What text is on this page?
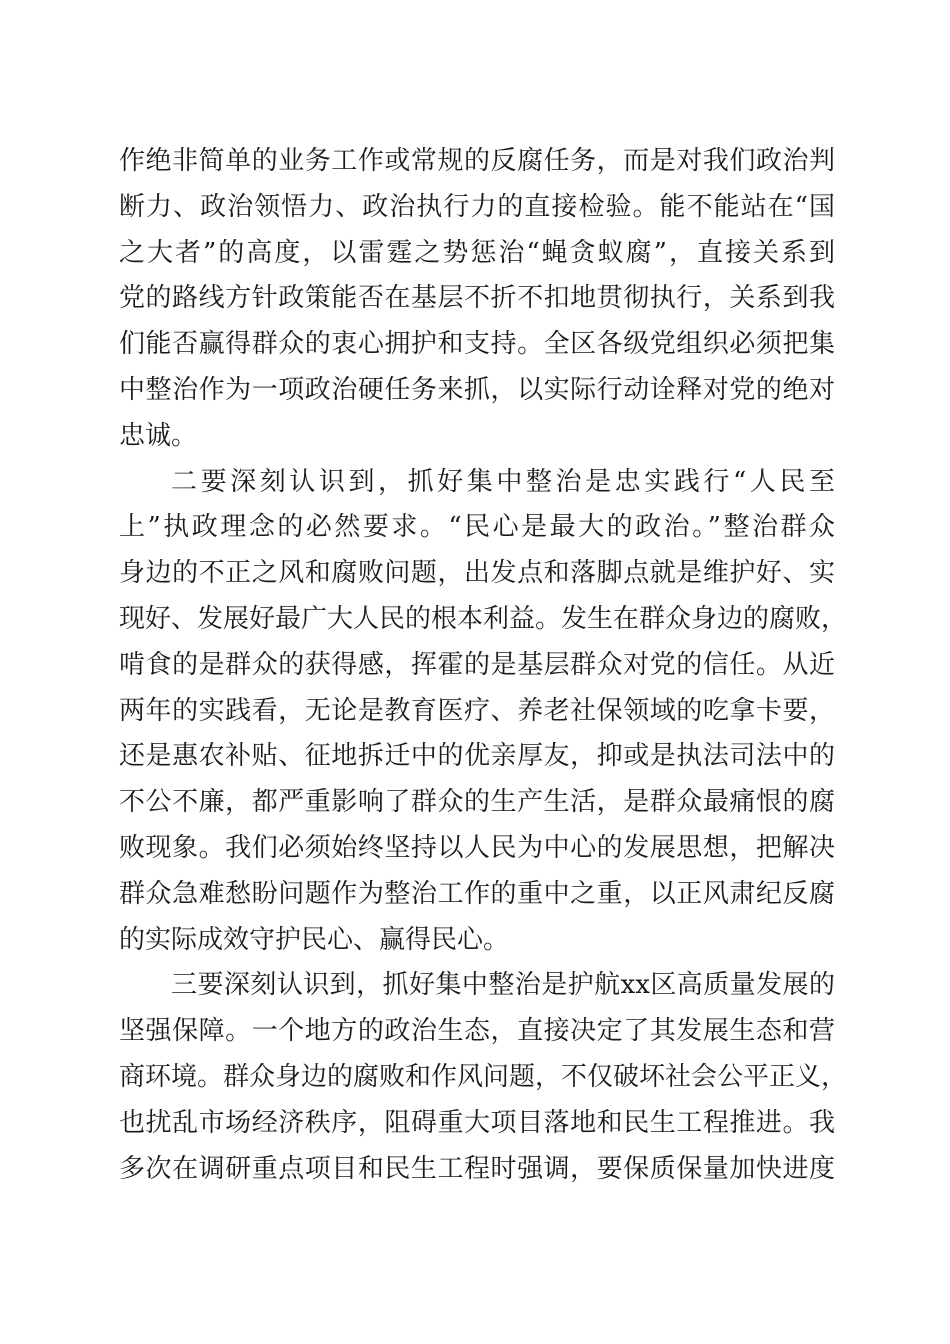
作绝非简单的业务工作或常规的反腐任务，而是对我们政治判
断力、政治领悟力、政治执行力的直接检验。能不能站在“国
之大者”的高度，以雷霆之势惩治“蝇贪蚁腐”，直接关系到
党的路线方针政策能否在基层不折不扣地贯彻执行，关系到我
们能否赢得群众的衷心拥护和支持。全区各级党组织必须把集
中整治作为一项政治硬任务来抓，以实际行动诠释对党的绝对
忠诚。
二要深刻认识到，抓好集中整治是忠实践行“人民至
上”执政理念的必然要求。“民心是最大的政治。”整治群众
身边的不正之风和腐败问题，出发点和落脚点就是维护好、实
现好、发展好最广大人民的根本利益。发生在群众身边的腐败，
啃食的是群众的获得感，挥霍的是基层群众对党的信任。从近
两年的实践看，无论是教育医疗、养老社保领域的吃拿卡要，
还是惠农补贴、征地拆迁中的优亲厚友，抑或是执法司法中的
不公不廉，都严重影响了群众的生产生活，是群众最痛恨的腐
败现象。我们必须始终坚持以人民为中心的发展思想，把解决
群众急难愁盼问题作为整治工作的重中之重，以正风肃纪反腐
的实际成效守护民心、赢得民心。
三要深刻认识到，抓好集中整治是护航xx区高质量发展的
坚强保障。一个地方的政治生态，直接决定了其发展生态和营
商环境。群众身边的腐败和作风问题，不仅破坏社会公平正义，
也扰乱市场经济秩序，阻碍重大项目落地和民生工程推进。我
多次在调研重点项目和民生工程时强调，要保质保量加快进度
